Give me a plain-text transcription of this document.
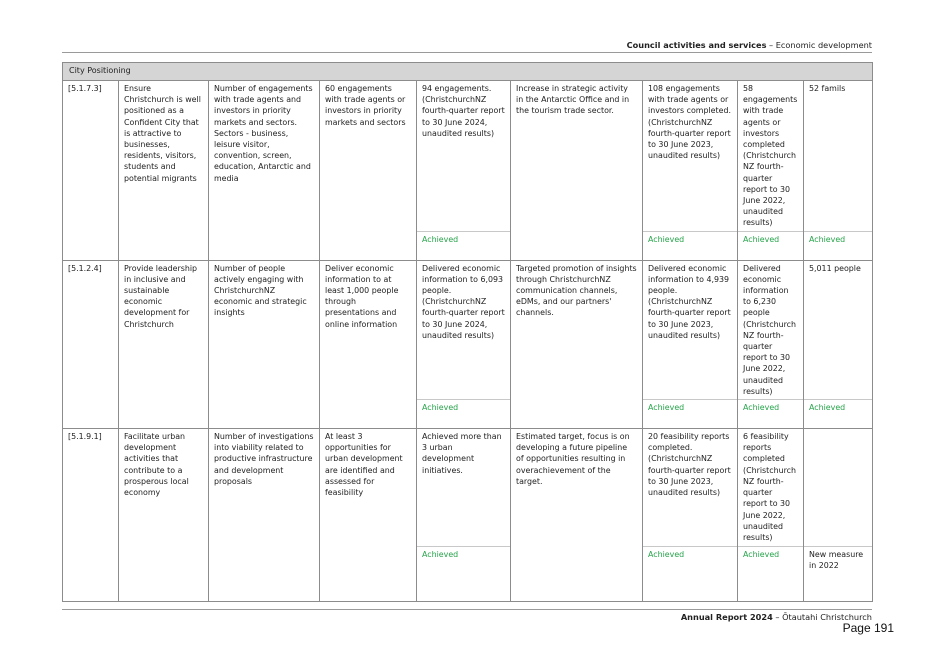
Council activities and services – Economic development
City Positioning								
[5.1.7.3]	Ensure Christchurch is well positioned as a Confident City that is attractive to businesses, residents, visitors, students and potential migrants	Number of engagements with trade agents and investors in priority markets and sectors. Sectors - business, leisure visitor, convention, screen, education, Antarctic and media	60 engagements with trade agents or investors in priority markets and sectors	94 engagements. (ChristchurchNZ fourth-quarter report to 30 June 2024, unaudited results)	Increase in strategic activity in the Antarctic Office and in the tourism trade sector.	108 engagements with trade agents or investors completed. (ChristchurchNZ fourth-quarter report to 30 June 2023, unaudited results)	58 engagements with trade agents or investors completed (Christchurch NZ fourth-quarter report to 30 June 2022, unaudited results)	52 famils
				Achieved		Achieved	Achieved	Achieved
[5.1.2.4]	Provide leadership in inclusive and sustainable economic development for Christchurch	Number of people actively engaging with ChristchurchNZ economic and strategic insights	Deliver economic information to at least 1,000 people through presentations and online information	Delivered economic information to 6,093 people. (ChristchurchNZ fourth-quarter report to 30 June 2024, unaudited results)	Targeted promotion of insights through ChristchurchNZ communication channels, eDMs, and our partners' channels.	Delivered economic information to 4,939 people. (ChristchurchNZ fourth-quarter report to 30 June 2023, unaudited results)	Delivered economic information to 6,230 people (Christchurch NZ fourth-quarter report to 30 June 2022, unaudited results)	5,011 people
				Achieved		Achieved	Achieved	Achieved
[5.1.9.1]	Facilitate urban development activities that contribute to a prosperous local economy	Number of investigations into viability related to productive infrastructure and development proposals	At least 3 opportunities for urban development are identified and assessed for feasibility	Achieved more than 3 urban development initiatives.	Estimated target, focus is on developing a future pipeline of opportunities resulting in overachievement of the target.	20 feasibility reports completed. (ChristchurchNZ fourth-quarter report to 30 June 2023, unaudited results)	6 feasibility reports completed (Christchurch NZ fourth-quarter report to 30 June 2022, unaudited results)	
				Achieved		Achieved	Achieved	New measure in 2022
Annual Report 2024 – Ōtautahi Christchurch
Page 191
